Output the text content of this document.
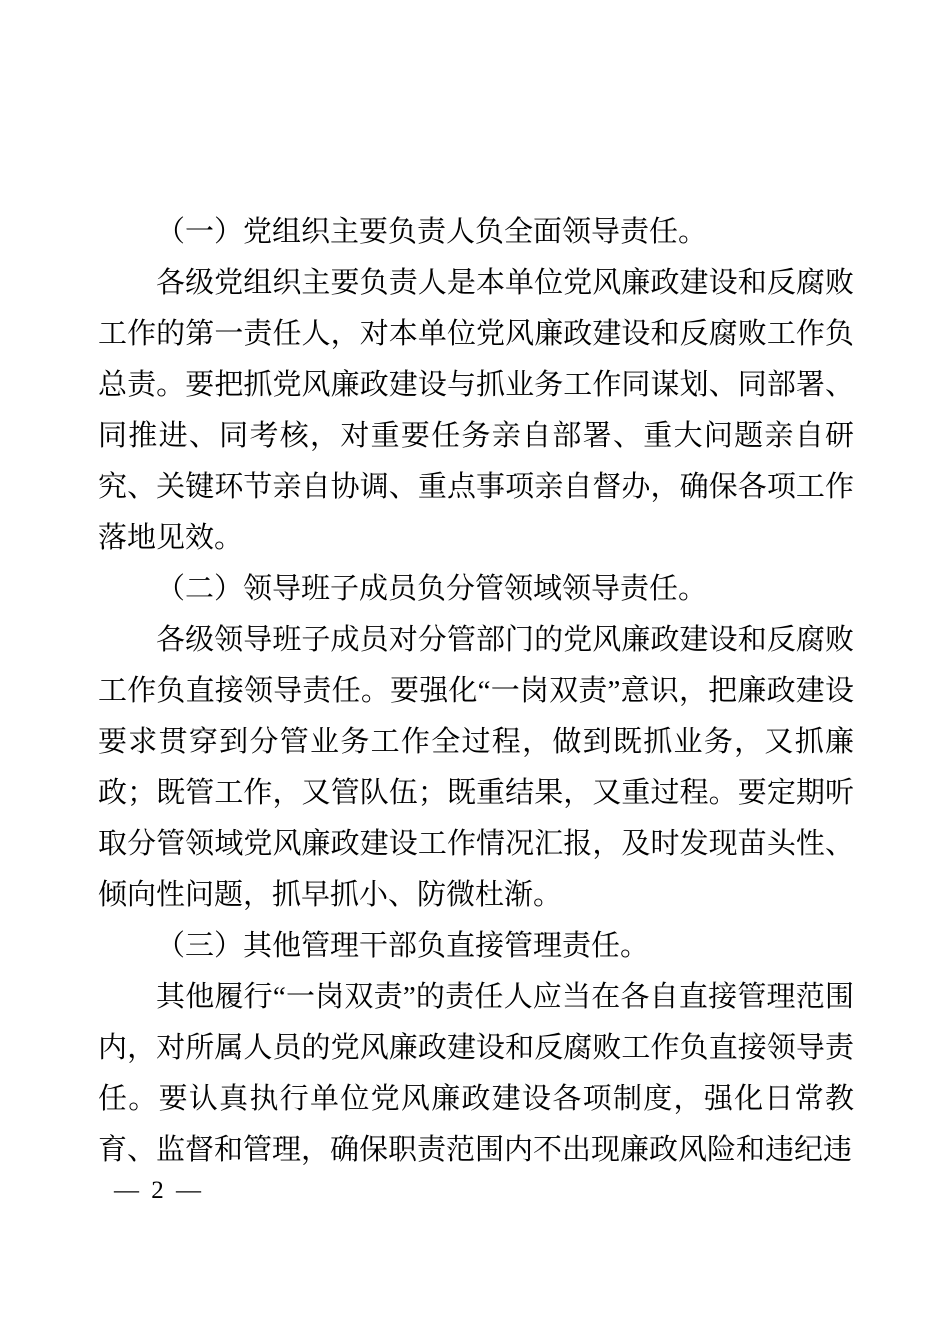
（一）党组织主要负责人负全面领导责任。

各级党组织主要负责人是本单位党风廉政建设和反腐败工作的第一责任人，对本单位党风廉政建设和反腐败工作负总责。要把抓党风廉政建设与抓业务工作同谋划、同部署、同推进、同考核，对重要任务亲自部署、重大问题亲自研究、关键环节亲自协调、重点事项亲自督办，确保各项工作落地见效。

（二）领导班子成员负分管领域领导责任。

各级领导班子成员对分管部门的党风廉政建设和反腐败工作负直接领导责任。要强化“一岗双责”意识，把廉政建设要求贯穿到分管业务工作全过程，做到既抓业务，又抓廉政；既管工作，又管队伍；既重结果，又重过程。要定期听取分管领域党风廉政建设工作情况汇报，及时发现苗头性、倾向性问题，抓早抓小、防微杜渐。

（三）其他管理干部负直接管理责任。

其他履行“一岗双责”的责任人应当在各自直接管理范围内，对所属人员的党风廉政建设和反腐败工作负直接领导责任。要认真执行单位党风廉政建设各项制度，强化日常教育、监督和管理，确保职责范围内不出现廉政风险和违纪违

— 2 —
